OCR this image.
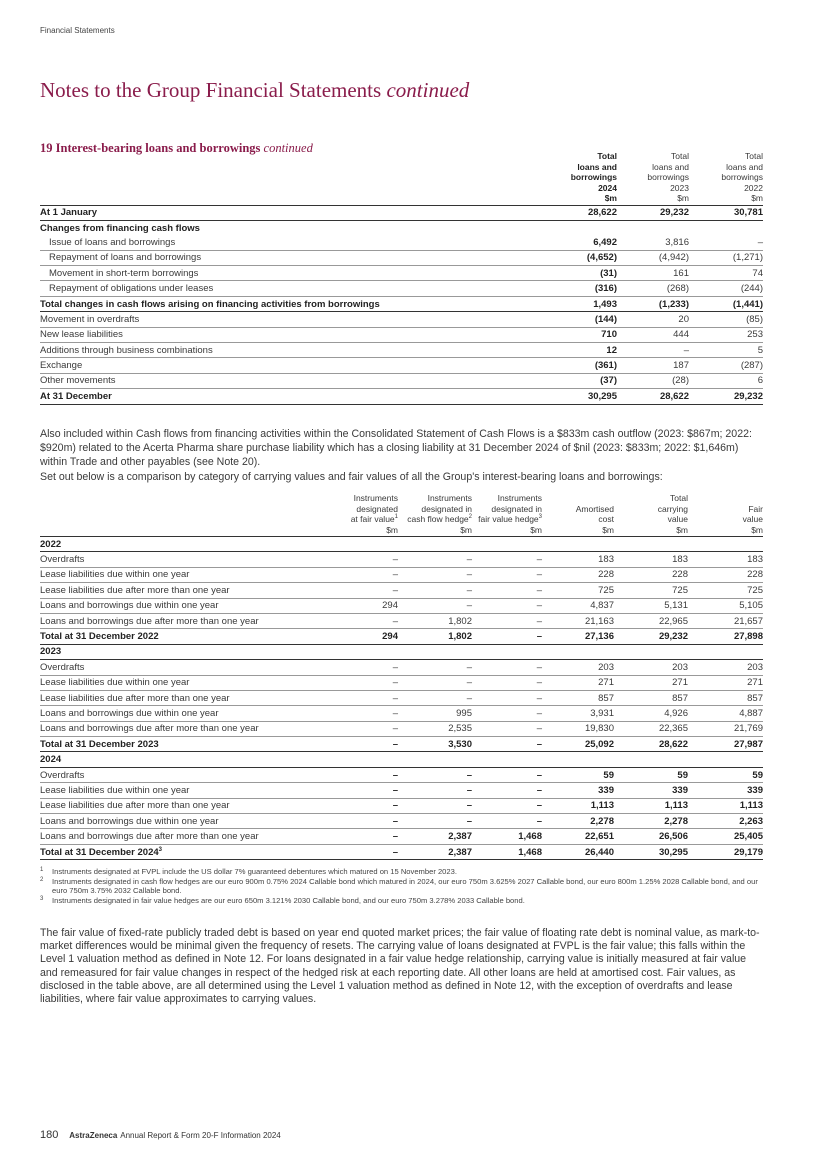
Financial Statements
Notes to the Group Financial Statements continued
19 Interest-bearing loans and borrowings continued
	Total
loans and
borrowings
2024
$m	Total
loans and
borrowings
2023
$m	Total
loans and
borrowings
2022
$m
At 1 January	28,622	29,232	30,781
Changes from financing cash flows			
Issue of loans and borrowings	6,492	3,816	–
Repayment of loans and borrowings	(4,652)	(4,942)	(1,271)
Movement in short-term borrowings	(31)	161	74
Repayment of obligations under leases	(316)	(268)	(244)
Total changes in cash flows arising on financing activities from borrowings	1,493	(1,233)	(1,441)
Movement in overdrafts	(144)	20	(85)
New lease liabilities	710	444	253
Additions through business combinations	12	–	5
Exchange	(361)	187	(287)
Other movements	(37)	(28)	6
At 31 December	30,295	28,622	29,232
Also included within Cash flows from financing activities within the Consolidated Statement of Cash Flows is a $833m cash outflow (2023: $867m; 2022: $920m) related to the Acerta Pharma share purchase liability which has a closing liability at 31 December 2024 of $nil (2023: $833m; 2022: $1,646m) within Trade and other payables (see Note 20).
Set out below is a comparison by category of carrying values and fair values of all the Group's interest-bearing loans and borrowings:
	Instruments
designated
at fair value$^1$
$m	Instruments
designated in
cash flow hedge$^2$
$m	Instruments
designated in
fair value hedge$^3$
$m	Amortised
cost
$m	Total
carrying
value
$m	Fair
value
$m
2022						
Overdrafts	–	–	–	183	183	183
Lease liabilities due within one year	–	–	–	228	228	228
Lease liabilities due after more than one year	–	–	–	725	725	725
Loans and borrowings due within one year	294	–	–	4,837	5,131	5,105
Loans and borrowings due after more than one year	–	1,802	–	21,163	22,965	21,657
Total at 31 December 2022	294	1,802	–	27,136	29,232	27,898
2023						
Overdrafts	–	–	–	203	203	203
Lease liabilities due within one year	–	–	–	271	271	271
Lease liabilities due after more than one year	–	–	–	857	857	857
Loans and borrowings due within one year	–	995	–	3,931	4,926	4,887
Loans and borrowings due after more than one year	–	2,535	–	19,830	22,365	21,769
Total at 31 December 2023	–	3,530	–	25,092	28,622	27,987
2024						
Overdrafts	–	–	–	59	59	59
Lease liabilities due within one year	–	–	–	339	339	339
Lease liabilities due after more than one year	–	–	–	1,113	1,113	1,113
Loans and borrowings due within one year	–	–	–	2,278	2,278	2,263
Loans and borrowings due after more than one year	–	2,387	1,468	22,651	26,506	25,405
Total at 31 December 2024$^3$	–	2,387	1,468	26,440	30,295	29,179
1 Instruments designated at FVPL include the US dollar 7% guaranteed debentures which matured on 15 November 2023.
2 Instruments designated in cash flow hedges are our euro 900m 0.75% 2024 Callable bond which matured in 2024, our euro 750m 3.625% 2027 Callable bond, our euro 800m 1.25% 2028 Callable bond, and our euro 750m 3.75% 2032 Callable bond.
3 Instruments designated in fair value hedges are our euro 650m 3.121% 2030 Callable bond, and our euro 750m 3.278% 2033 Callable bond.
The fair value of fixed-rate publicly traded debt is based on year end quoted market prices; the fair value of floating rate debt is nominal value, as mark-to-market differences would be minimal given the frequency of resets. The carrying value of loans designated at FVPL is the fair value; this falls within the Level 1 valuation method as defined in Note 12. For loans designated in a fair value hedge relationship, carrying value is initially measured at fair value and remeasured for fair value changes in respect of the hedged risk at each reporting date. All other loans are held at amortised cost. Fair values, as disclosed in the table above, are all determined using the Level 1 valuation method as defined in Note 12, with the exception of overdrafts and lease liabilities, where fair value approximates to carrying values.
180 AstraZeneca Annual Report & Form 20-F Information 2024
